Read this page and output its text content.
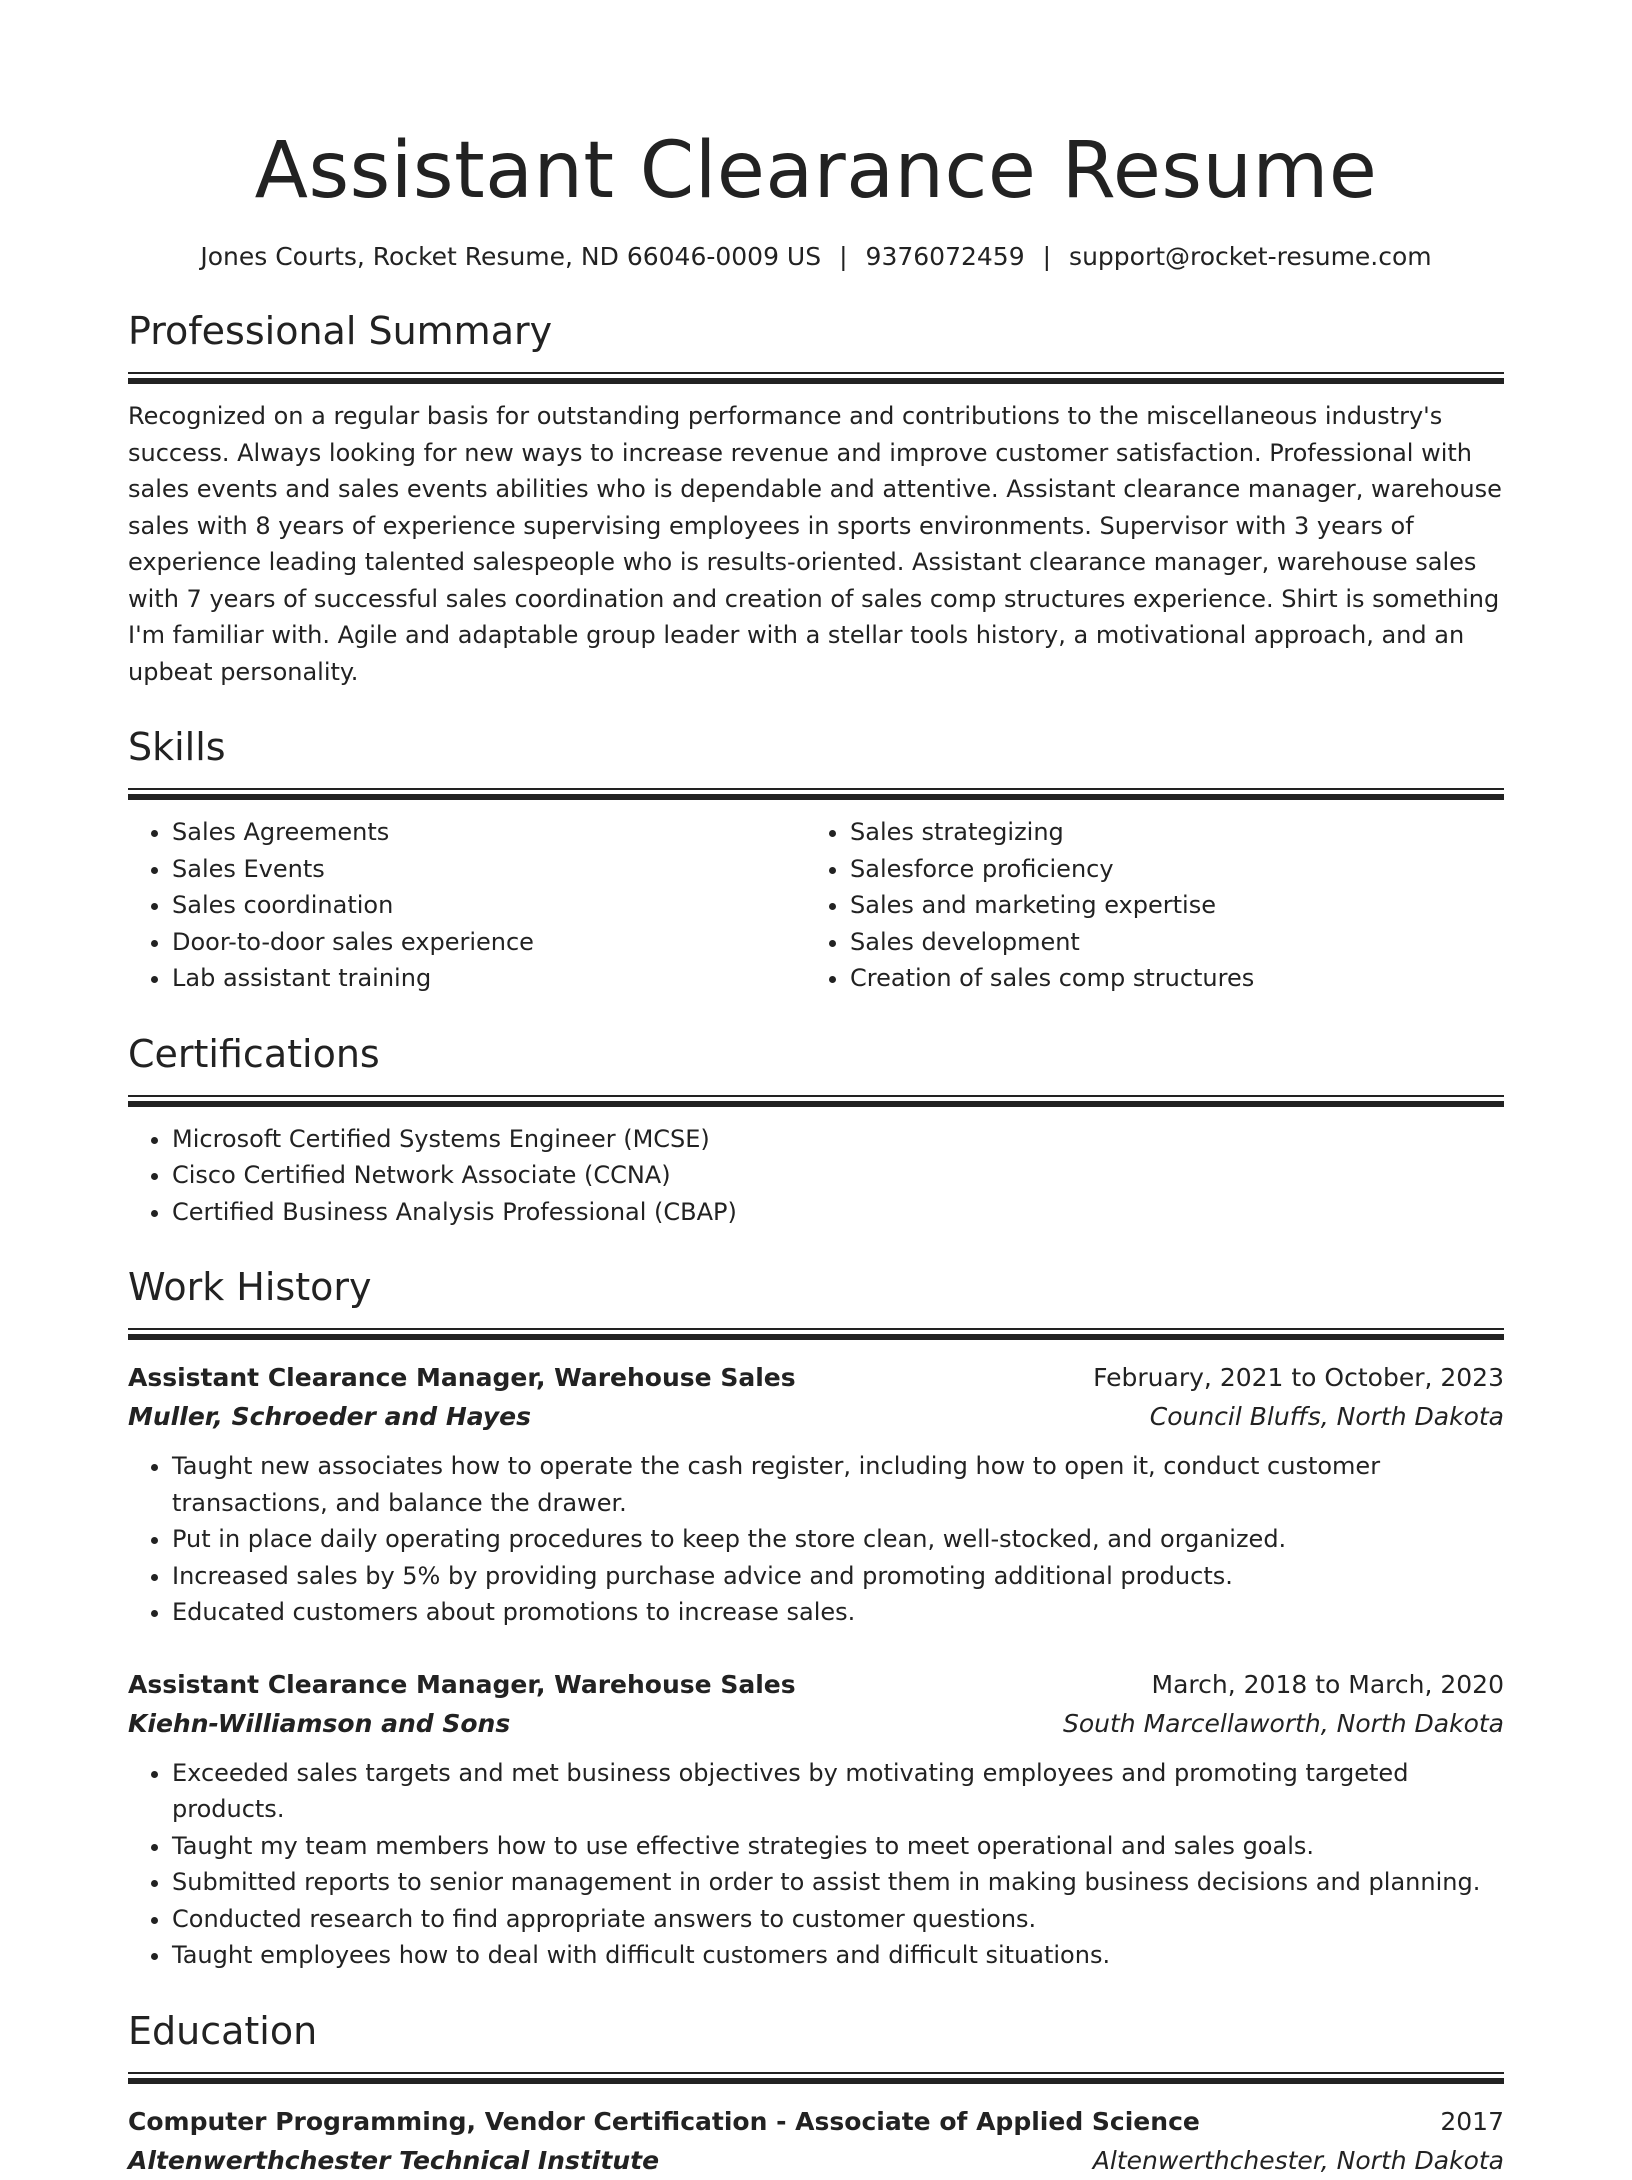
Assistant Clearance Resume
Jones Courts, Rocket Resume, ND 66046-0009 US | 9376072459 | support@rocket-resume.com
Professional Summary
Recognized on a regular basis for outstanding performance and contributions to the miscellaneous industry's success. Always looking for new ways to increase revenue and improve customer satisfaction. Professional with sales events and sales events abilities who is dependable and attentive. Assistant clearance manager, warehouse sales with 8 years of experience supervising employees in sports environments. Supervisor with 3 years of experience leading talented salespeople who is results-oriented. Assistant clearance manager, warehouse sales with 7 years of successful sales coordination and creation of sales comp structures experience. Shirt is something I'm familiar with. Agile and adaptable group leader with a stellar tools history, a motivational approach, and an upbeat personality.
Skills
• Sales Agreements
• Sales Events
• Sales coordination
• Door-to-door sales experience
• Lab assistant training
• Sales strategizing
• Salesforce proficiency
• Sales and marketing expertise
• Sales development
• Creation of sales comp structures
Certifications
• Microsoft Certified Systems Engineer (MCSE)
• Cisco Certified Network Associate (CCNA)
• Certified Business Analysis Professional (CBAP)
Work History
Assistant Clearance Manager, Warehouse Sales	February, 2021 to October, 2023
Muller, Schroeder and Hayes	Council Bluffs, North Dakota
• Taught new associates how to operate the cash register, including how to open it, conduct customer transactions, and balance the drawer.
• Put in place daily operating procedures to keep the store clean, well-stocked, and organized.
• Increased sales by 5% by providing purchase advice and promoting additional products.
• Educated customers about promotions to increase sales.
Assistant Clearance Manager, Warehouse Sales	March, 2018 to March, 2020
Kiehn-Williamson and Sons	South Marcellaworth, North Dakota
• Exceeded sales targets and met business objectives by motivating employees and promoting targeted products.
• Taught my team members how to use effective strategies to meet operational and sales goals.
• Submitted reports to senior management in order to assist them in making business decisions and planning.
• Conducted research to find appropriate answers to customer questions.
• Taught employees how to deal with difficult customers and difficult situations.
Education
Computer Programming, Vendor Certification - Associate of Applied Science	2017
Altenwerthchester Technical Institute	Altenwerthchester, North Dakota
